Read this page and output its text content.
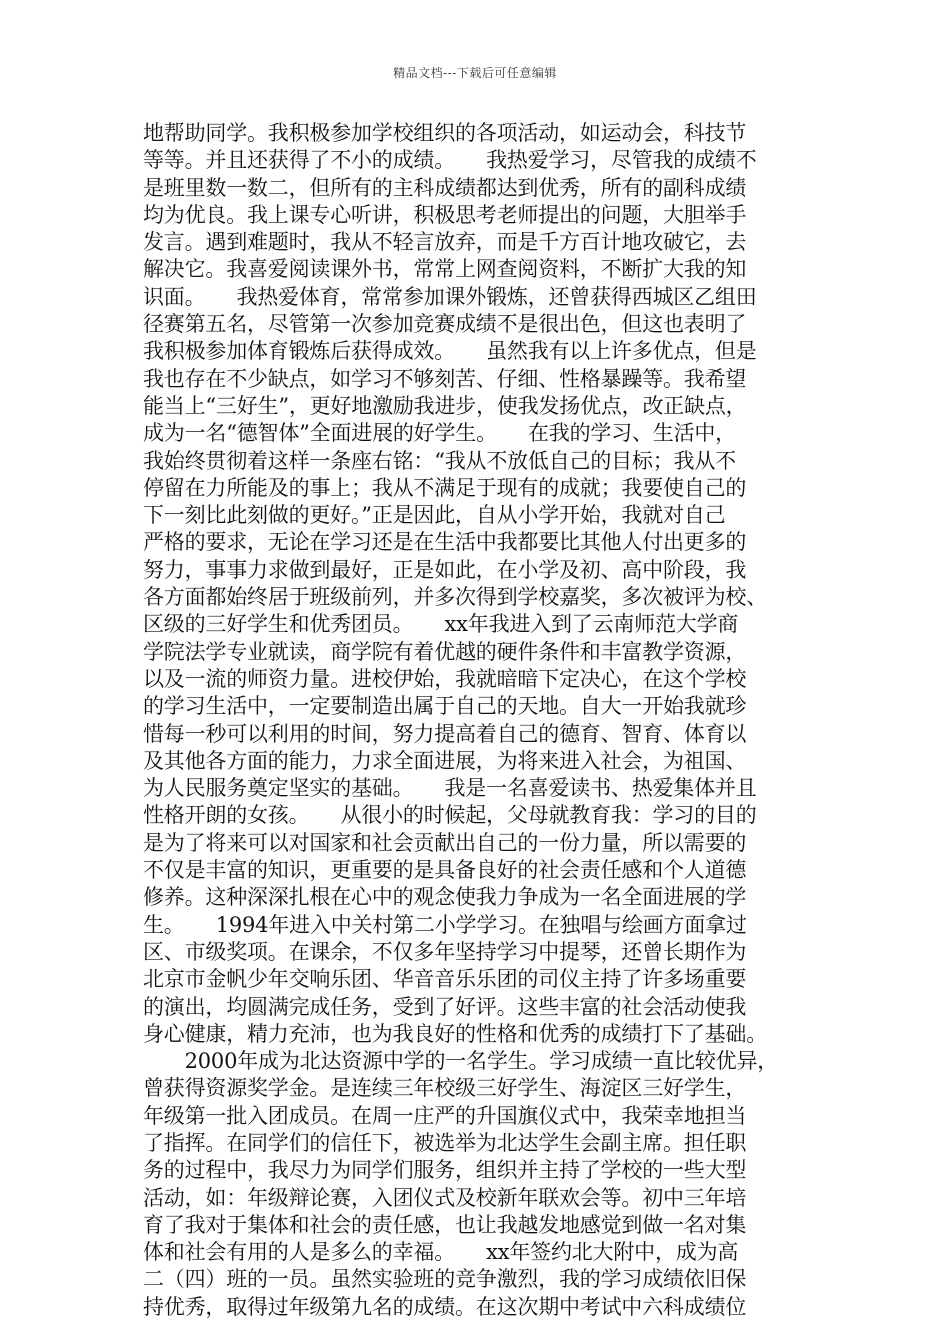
精品文档---下载后可任意编辑
地帮助同学。我积极参加学校组织的各项活动，如运动会，科技节
等等。并且还获得了不小的成绩。　　我热爱学习，尽管我的成绩不
是班里数一数二，但所有的主科成绩都达到优秀，所有的副科成绩
均为优良。我上课专心听讲，积极思考老师提出的问题，大胆举手
发言。遇到难题时，我从不轻言放弃，而是千方百计地攻破它，去
解决它。我喜爱阅读课外书，常常上网查阅资料，不断扩大我的知
识面。　　我热爱体育，常常参加课外锻炼，还曾获得西城区乙组田
径赛第五名，尽管第一次参加竞赛成绩不是很出色，但这也表明了
我积极参加体育锻炼后获得成效。　　虽然我有以上许多优点，但是
我也存在不少缺点，如学习不够刻苦、仔细、性格暴躁等。我希望
能当上“三好生”，更好地激励我进步，使我发扬优点，改正缺点，
成为一名“德智体”全面进展的好学生。　　在我的学习、生活中，
我始终贯彻着这样一条座右铭：“我从不放低自己的目标；我从不
停留在力所能及的事上；我从不满足于现有的成就；我要使自己的
下一刻比此刻做的更好。”正是因此，自从小学开始，我就对自己
严格的要求，无论在学习还是在生活中我都要比其他人付出更多的
努力，事事力求做到最好，正是如此，在小学及初、高中阶段，我
各方面都始终居于班级前列，并多次得到学校嘉奖，多次被评为校、
区级的三好学生和优秀团员。　　xx年我进入到了云南师范大学商
学院法学专业就读，商学院有着优越的硬件条件和丰富教学资源，
以及一流的师资力量。进校伊始，我就暗暗下定决心，在这个学校
的学习生活中，一定要制造出属于自己的天地。自大一开始我就珍
惜每一秒可以利用的时间，努力提高着自己的德育、智育、体育以
及其他各方面的能力，力求全面进展，为将来进入社会，为祖国、
为人民服务奠定坚实的基础。　　我是一名喜爱读书、热爱集体并且
性格开朗的女孩。　　从很小的时候起，父母就教育我：学习的目的
是为了将来可以对国家和社会贡献出自己的一份力量，所以需要的
不仅是丰富的知识，更重要的是具备良好的社会责任感和个人道德
修养。这种深深扎根在心中的观念使我力争成为一名全面进展的学
生。　　1994年进入中关村第二小学学习。在独唱与绘画方面拿过
区、市级奖项。在课余，不仅多年坚持学习中提琴，还曾长期作为
北京市金帆少年交响乐团、华音音乐乐团的司仪主持了许多场重要
的演出，均圆满完成任务，受到了好评。这些丰富的社会活动使我
身心健康，精力充沛，也为我良好的性格和优秀的成绩打下了基础。
　　2000年成为北达资源中学的一名学生。学习成绩一直比较优异，
曾获得资源奖学金。是连续三年校级三好学生、海淀区三好学生，
年级第一批入团成员。在周一庄严的升国旗仪式中，我荣幸地担当
了指挥。在同学们的信任下，被选举为北达学生会副主席。担任职
务的过程中，我尽力为同学们服务，组织并主持了学校的一些大型
活动，如：年级辩论赛，入团仪式及校新年联欢会等。初中三年培
育了我对于集体和社会的责任感，也让我越发地感觉到做一名对集
体和社会有用的人是多么的幸福。　　xx年签约北大附中，成为高
二（四）班的一员。虽然实验班的竞争激烈，我的学习成绩依旧保
持优秀，取得过年级第九名的成绩。在这次期中考试中六科成绩位
